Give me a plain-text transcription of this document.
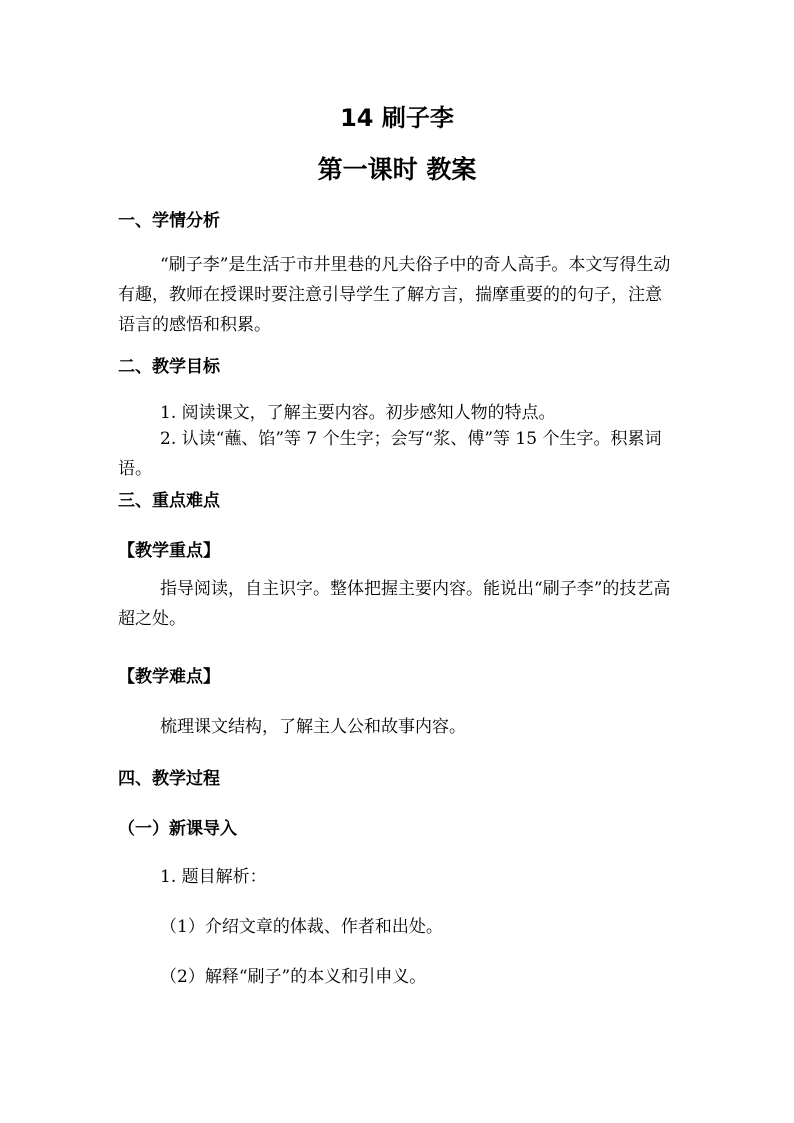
14 刷子李
第一课时 教案
一、学情分析
“刷子李”是生活于市井里巷的凡夫俗子中的奇人高手。本文写得生动有趣，教师在授课时要注意引导学生了解方言，揣摩重要的的句子，注意语言的感悟和积累。
二、教学目标
1. 阅读课文，了解主要内容。初步感知人物的特点。
2. 认读“蘸、馅”等 7 个生字；会写“浆、傅”等 15 个生字。积累词语。
三、重点难点
【教学重点】
指导阅读，自主识字。整体把握主要内容。能说出“刷子李”的技艺高超之处。
【教学难点】
梳理课文结构，了解主人公和故事内容。
四、教学过程
（一）新课导入
1. 题目解析：
（1）介绍文章的体裁、作者和出处。
（2）解释“刷子”的本义和引申义。
